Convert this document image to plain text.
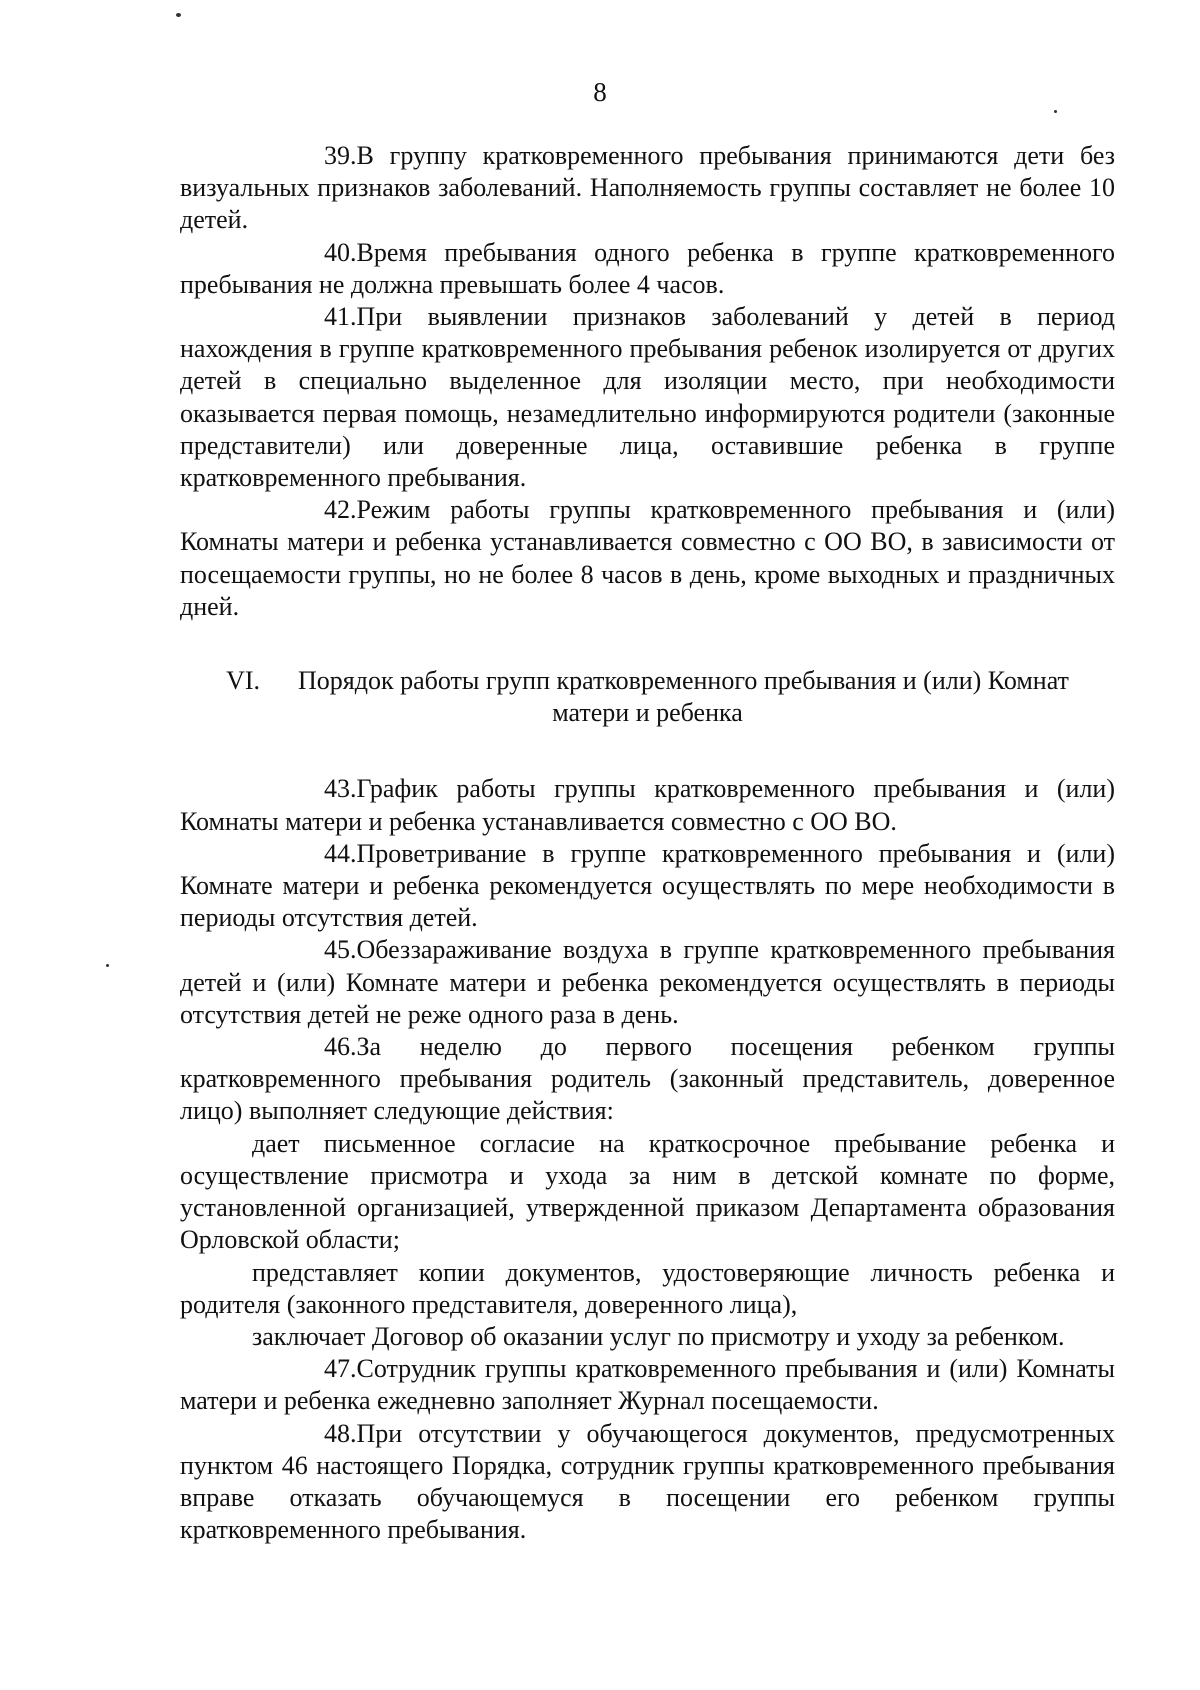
8

39.В группу кратковременного пребывания принимаются дети без визуальных признаков заболеваний. Наполняемость группы составляет не более 10 детей.

40.Время пребывания одного ребенка в группе кратковременного пребывания не должна превышать более 4 часов.

41.При выявлении признаков заболеваний у детей в период нахождения в группе кратковременного пребывания ребенок изолируется от других детей в специально выделенное для изоляции место, при необходимости оказывается первая помощь, незамедлительно информируются родители (законные представители) или доверенные лица, оставившие ребенка в группе кратковременного пребывания.

42.Режим работы группы кратковременного пребывания и (или) Комнаты матери и ребенка устанавливается совместно с ОО ВО, в зависимости от посещаемости группы, но не более 8 часов в день, кроме выходных и праздничных дней.

VI. Порядок работы групп кратковременного пребывания и (или) Комнат
матери и ребенка

43.График работы группы кратковременного пребывания и (или) Комнаты матери и ребенка устанавливается совместно с ОО ВО.

44.Проветривание в группе кратковременного пребывания и (или) Комнате матери и ребенка рекомендуется осуществлять по мере необходимости в периоды отсутствия детей.

45.Обеззараживание воздуха в группе кратковременного пребывания детей и (или) Комнате матери и ребенка рекомендуется осуществлять в периоды отсутствия детей не реже одного раза в день.

46.За неделю до первого посещения ребенком группы кратковременного пребывания родитель (законный представитель, доверенное лицо) выполняет следующие действия:

дает письменное согласие на краткосрочное пребывание ребенка и осуществление присмотра и ухода за ним в детской комнате по форме, установленной организацией, утвержденной приказом Департамента образования Орловской области;

представляет копии документов, удостоверяющие личность ребенка и родителя (законного представителя, доверенного лица),

заключает Договор об оказании услуг по присмотру и уходу за ребенком.

47.Сотрудник группы кратковременного пребывания и (или) Комнаты матери и ребенка ежедневно заполняет Журнал посещаемости.

48.При отсутствии у обучающегося документов, предусмотренных пунктом 46 настоящего Порядка, сотрудник группы кратковременного пребывания вправе отказать обучающемуся в посещении его ребенком группы кратковременного пребывания.
